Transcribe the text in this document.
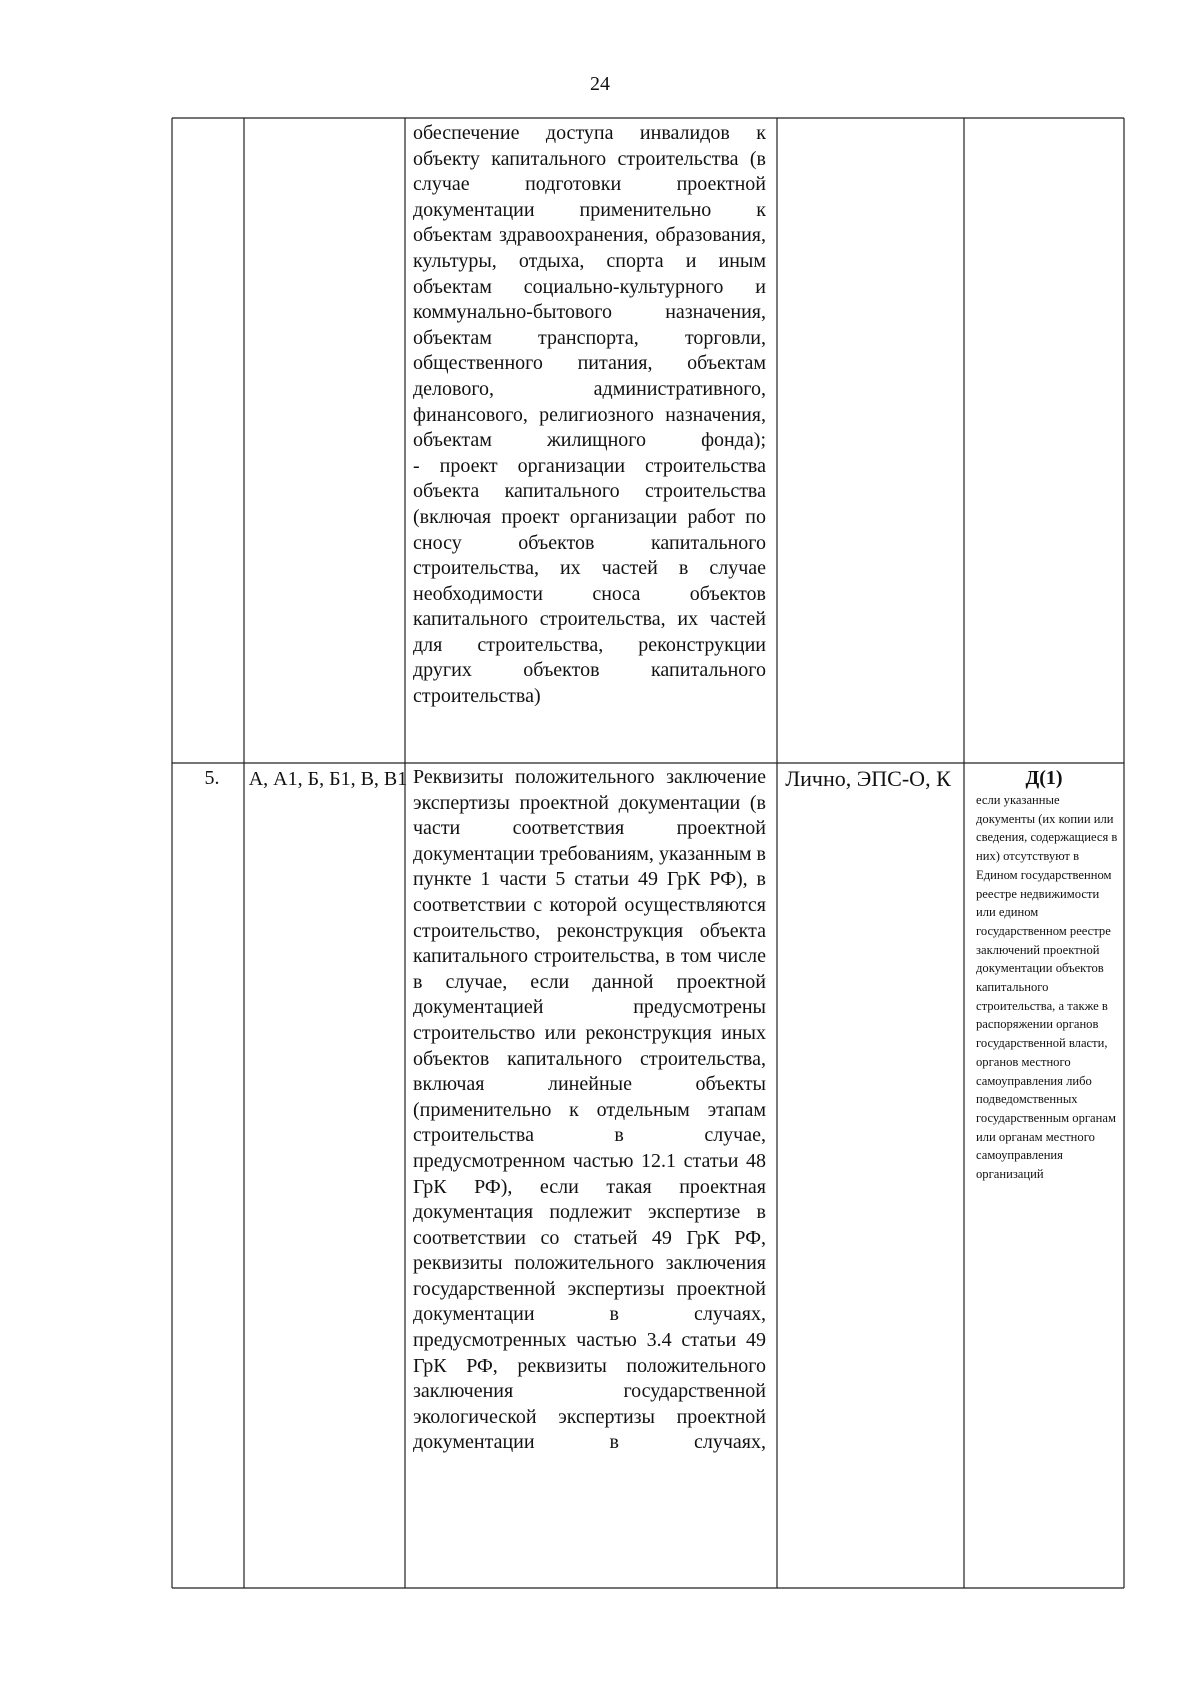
24
обеспечение доступа инвалидов к объекту капитального строительства (в случае подготовки проектной документации применительно к объектам здравоохранения, образования, культуры, отдыха, спорта и иным объектам социально-культурного и коммунально-бытового назначения, объектам транспорта, торговли, общественного питания, объектам делового, административного, финансового, религиозного назначения, объектам жилищного фонда);
- проект организации строительства объекта капитального строительства (включая проект организации работ по сносу объектов капитального строительства, их частей в случае необходимости сноса объектов капитального строительства, их частей для строительства, реконструкции других объектов капитального строительства)
5.	А, А1, Б, Б1, В, В1 Реквизиты положительного заключение экспертизы проектной документации (в части соответствия проектной документации требованиям, указанным в пункте 1 части 5 статьи 49 ГрК РФ), в соответствии с которой осуществляются строительство, реконструкция объекта капитального строительства, в том числе в случае, если данной проектной документацией предусмотрены строительство или реконструкция иных объектов капитального строительства, включая линейные объекты (применительно к отдельным этапам строительства в случае, предусмотренном частью 12.1 статьи 48 ГрК РФ), если такая проектная документация подлежит экспертизе в соответствии со статьей 49 ГрК РФ, реквизиты положительного заключения государственной экспертизы проектной документации в случаях, предусмотренных частью 3.4 статьи 49 ГрК РФ, реквизиты положительного заключения государственной экологической экспертизы проектной документации в случаях,
Лично, ЭПС-О, К	Д(1)
если указанные документы (их копии или сведения, содержащиеся в них) отсутствуют в Едином государственном реестре недвижимости или едином государственном реестре заключений проектной документации объектов капитального строительства, а также в распоряжении органов государственной власти, органов местного самоуправления либо подведомственных государственным органам или органам местного самоуправления организаций
